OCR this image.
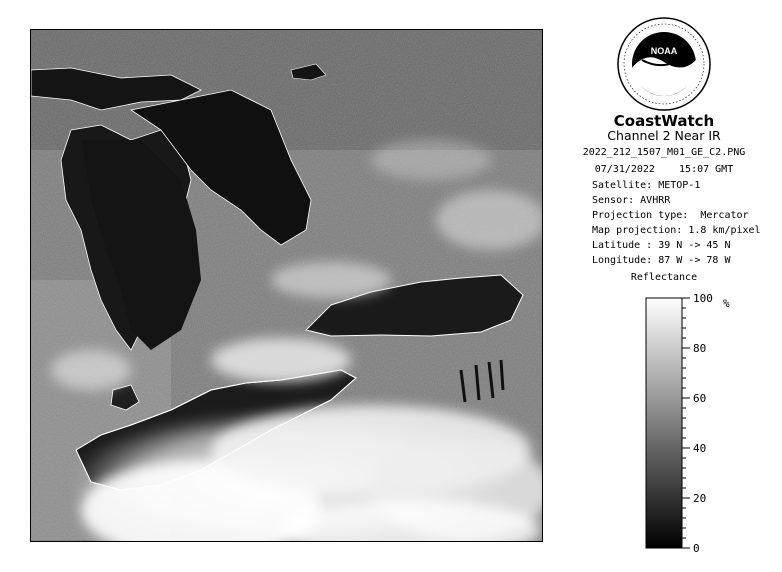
NOAA
CoastWatch
Channel 2 Near IR
2022_212_1507_M01_GE_C2.PNG
07/31/2022    15:07 GMT
Satellite: METOP-1
Sensor: AVHRR
Projection type:  Mercator
Map projection: 1.8 km/pixel
Latitude : 39 N -> 45 N
Longitude: 87 W -> 78 W
Reflectance
100
80
60
40
20
0
%
